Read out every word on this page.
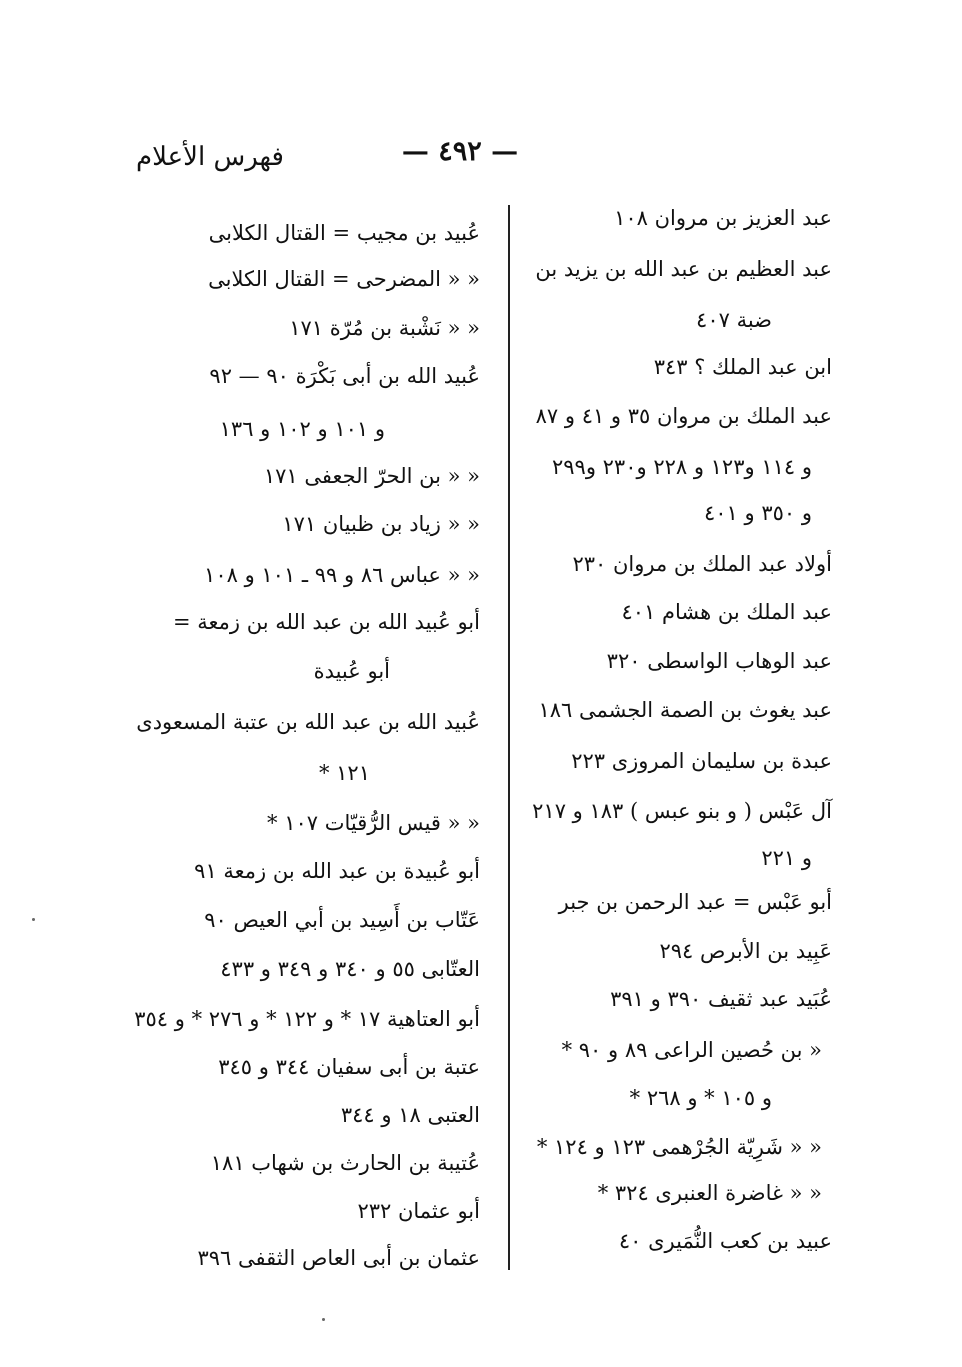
— ٤٩٢ —
فهرس الأعلام
عبد العزيز بن مروان ١٠٨
عبد العظيم بن عبد الله بن يزيد بن
ضبة ٤٠٧
ابن عبد الملك ؟ ٣٤٣
عبد الملك بن مروان ٣٥ و ٤١ و ٨٧
و ١١٤ و١٢٣ و ٢٢٨ و٢٣٠ و٢٩٩
و ٣٥٠ و ٤٠١
أولاد عبد الملك بن مروان ٢٣٠
عبد الملك بن هشام ٤٠١
عبد الوهاب الواسطى ٣٢٠
عبد يغوث بن الصمة الجشمى ١٨٦
عبدة بن سليمان المروزى ٢٢٣
آل عَبْس ( و بنو عبس ) ١٨٣ و ٢١٧
و ٢٢١
أبو عَبْس = عبد الرحمن بن جبر
عَبِيد بن الأبرص ٢٩٤
عُبَيد عبد ثقيف ٣٩٠ و ٣٩١
« بن حُصين الراعى ٨٩ و ٩٠ *
و ١٠٥ * و ٢٦٨ *
« « شَرِيّة الجُرْهمى ١٢٣ و ١٢٤ *
« « غاضرة العنبرى ٣٢٤ *
عبيد بن كعب النُّمَيرى ٤٠
عُبيد بن مجيب = القتال الكلابى
« « المضرحى = القتال الكلابى
« « نَشْبة بن مُرّة ١٧١
عُبيد الله بن أبى بَكْرَة ٩٠ — ٩٢
و ١٠١ و ١٠٢ و ١٣٦
« « بن الحرّ الجعفى ١٧١
« « زياد بن ظبيان ١٧١
« « عباس ٨٦ و ٩٩ ـ ١٠١ و ١٠٨
أبو عُبيد الله بن عبد الله بن زمعة =
أبو عُبيدة
عُبيد الله بن عبد الله بن عتبة المسعودى
١٢١ *
« « قيس الرُّقيّات ١٠٧ *
أبو عُبيدة بن عبد الله بن زمعة ٩١
عَتّاب بن أَسِيد بن أبي العيص ٩٠
العتّابى ٥٥ و ٣٤٠ و ٣٤٩ و ٤٣٣
أبو العتاهية ١٧ * و ١٢٢ * و ٢٧٦ * و ٣٥٤
عتبة بن أبى سفيان ٣٤٤ و ٣٤٥
العتبى ١٨ و ٣٤٤
عُتيبة بن الحارث بن شهاب ١٨١
أبو عثمان ٢٣٢
عثمان بن أبى العاص الثقفى ٣٩٦
